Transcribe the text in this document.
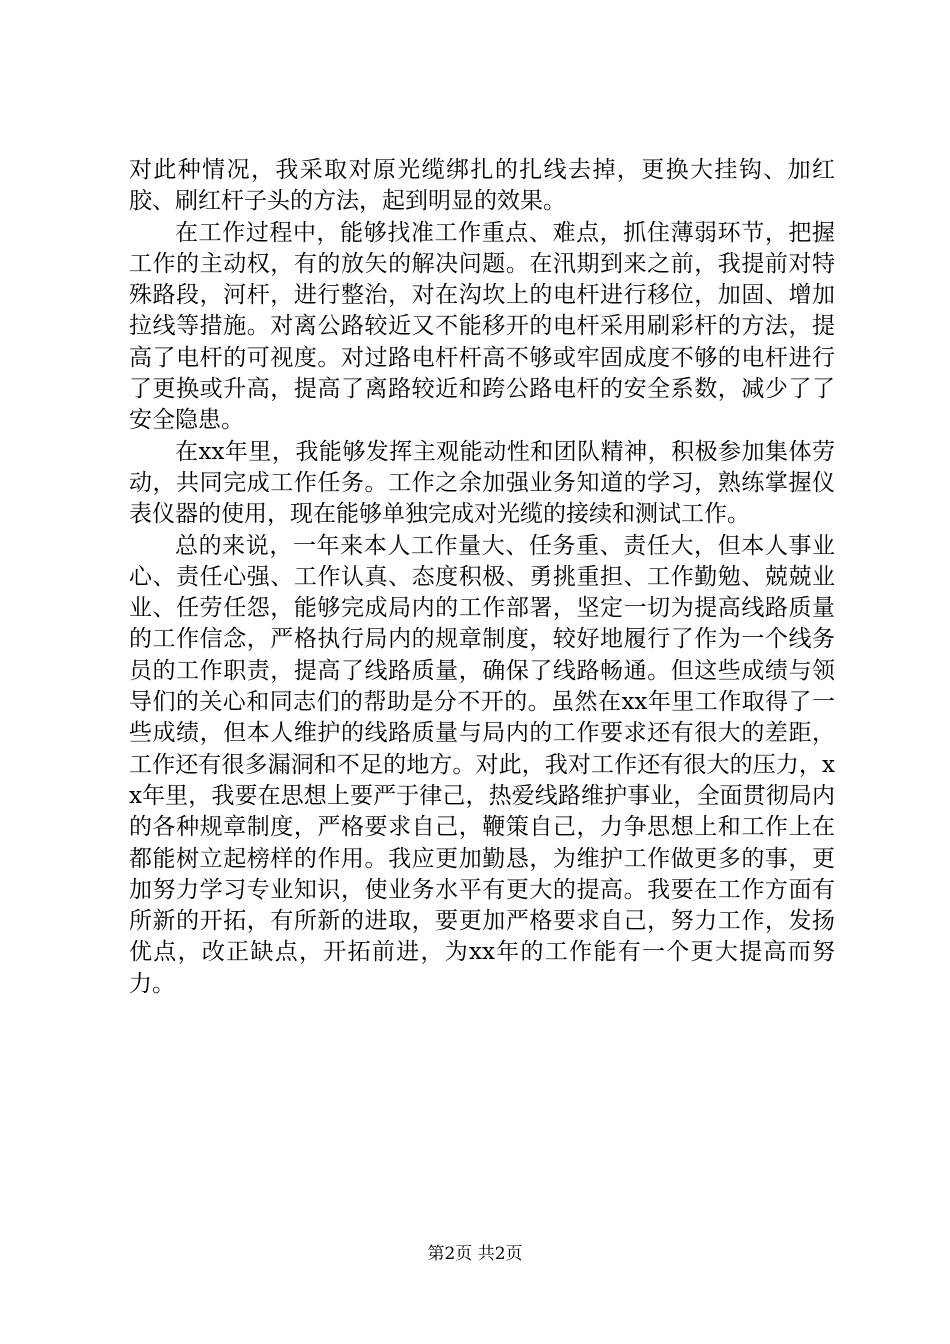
对此种情况，我采取对原光缆绑扎的扎线去掉，更换大挂钩、加红胶、刷红杆子头的方法，起到明显的效果。

在工作过程中，能够找准工作重点、难点，抓住薄弱环节，把握工作的主动权，有的放矢的解决问题。在汛期到来之前，我提前对特殊路段，河杆，进行整治，对在沟坎上的电杆进行移位，加固、增加拉线等措施。对离公路较近又不能移开的电杆采用刷彩杆的方法，提高了电杆的可视度。对过路电杆杆高不够或牢固成度不够的电杆进行了更换或升高，提高了离路较近和跨公路电杆的安全系数，减少了了安全隐患。

在xx年里，我能够发挥主观能动性和团队精神，积极参加集体劳动，共同完成工作任务。工作之余加强业务知道的学习，熟练掌握仪表仪器的使用，现在能够单独完成对光缆的接续和测试工作。

总的来说，一年来本人工作量大、任务重、责任大，但本人事业心、责任心强、工作认真、态度积极、勇挑重担、工作勤勉、兢兢业业、任劳任怨，能够完成局内的工作部署，坚定一切为提高线路质量的工作信念，严格执行局内的规章制度，较好地履行了作为一个线务员的工作职责，提高了线路质量，确保了线路畅通。但这些成绩与领导们的关心和同志们的帮助是分不开的。虽然在xx年里工作取得了一些成绩，但本人维护的线路质量与局内的工作要求还有很大的差距，工作还有很多漏洞和不足的地方。对此，我对工作还有很大的压力，xx年里，我要在思想上要严于律己，热爱线路维护事业，全面贯彻局内的各种规章制度，严格要求自己，鞭策自己，力争思想上和工作上在都能树立起榜样的作用。我应更加勤恳，为维护工作做更多的事，更加努力学习专业知识，使业务水平有更大的提高。我要在工作方面有所新的开拓，有所新的进取，要更加严格要求自己，努力工作，发扬优点，改正缺点，开拓前进，为xx年的工作能有一个更大提高而努力。

第2页 共2页
